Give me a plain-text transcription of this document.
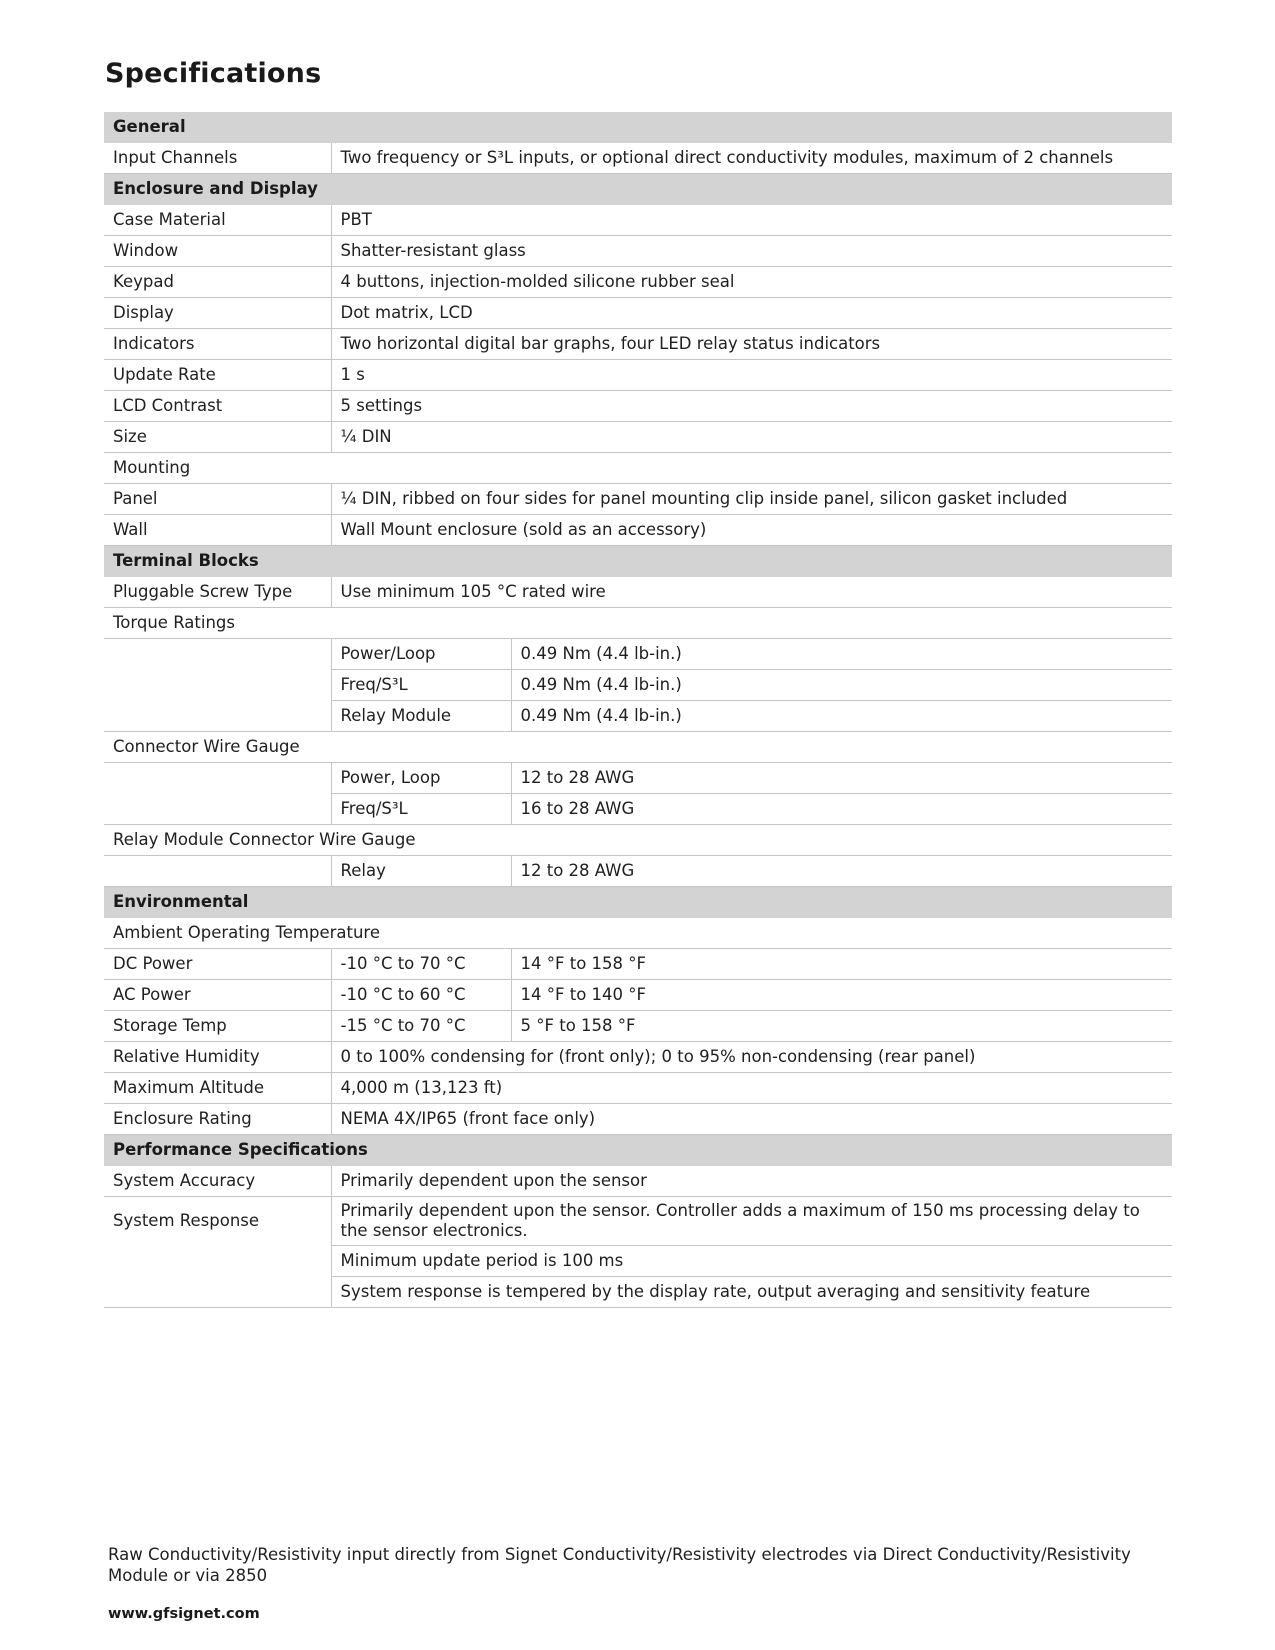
Specifications
General		
Input Channels	Two frequency or S³L inputs, or optional direct conductivity modules, maximum of 2 channels	
Enclosure and Display		
Case Material	PBT	
Window	Shatter-resistant glass	
Keypad	4 buttons, injection-molded silicone rubber seal	
Display	Dot matrix, LCD	
Indicators	Two horizontal digital bar graphs, four LED relay status indicators	
Update Rate	1 s	
LCD Contrast	5 settings	
Size	¼ DIN	
Mounting		
Panel	¼ DIN, ribbed on four sides for panel mounting clip inside panel, silicon gasket included	
Wall	Wall Mount enclosure (sold as an accessory)	
Terminal Blocks		
Pluggable Screw Type	Use minimum 105 °C rated wire	
Torque Ratings		
	Power/Loop	0.49 Nm (4.4 lb-in.)
	Freq/S³L	0.49 Nm (4.4 lb-in.)
	Relay Module	0.49 Nm (4.4 lb-in.)
Connector Wire Gauge		
	Power, Loop	12 to 28 AWG
	Freq/S³L	16 to 28 AWG
Relay Module Connector Wire Gauge		
	Relay	12 to 28 AWG
Environmental		
Ambient Operating Temperature		
DC Power	-10 °C to 70 °C	14 °F to 158 °F
AC Power	-10 °C to 60 °C	14 °F to 140 °F
Storage Temp	-15 °C to 70 °C	5 °F to 158 °F
Relative Humidity	0 to 100% condensing for (front only); 0 to 95% non-condensing (rear panel)	
Maximum Altitude	4,000 m (13,123 ft)	
Enclosure Rating	NEMA 4X/IP65 (front face only)	
Performance Specifications		
System Accuracy	Primarily dependent upon the sensor	
System Response	Primarily dependent upon the sensor. Controller adds a maximum of 150 ms processing delay to the sensor electronics.	
	Minimum update period is 100 ms	
	System response is tempered by the display rate, output averaging and sensitivity feature	

Raw Conductivity/Resistivity input directly from Signet Conductivity/Resistivity electrodes via Direct Conductivity/Resistivity Module or via 2850

www.gfsignet.com
